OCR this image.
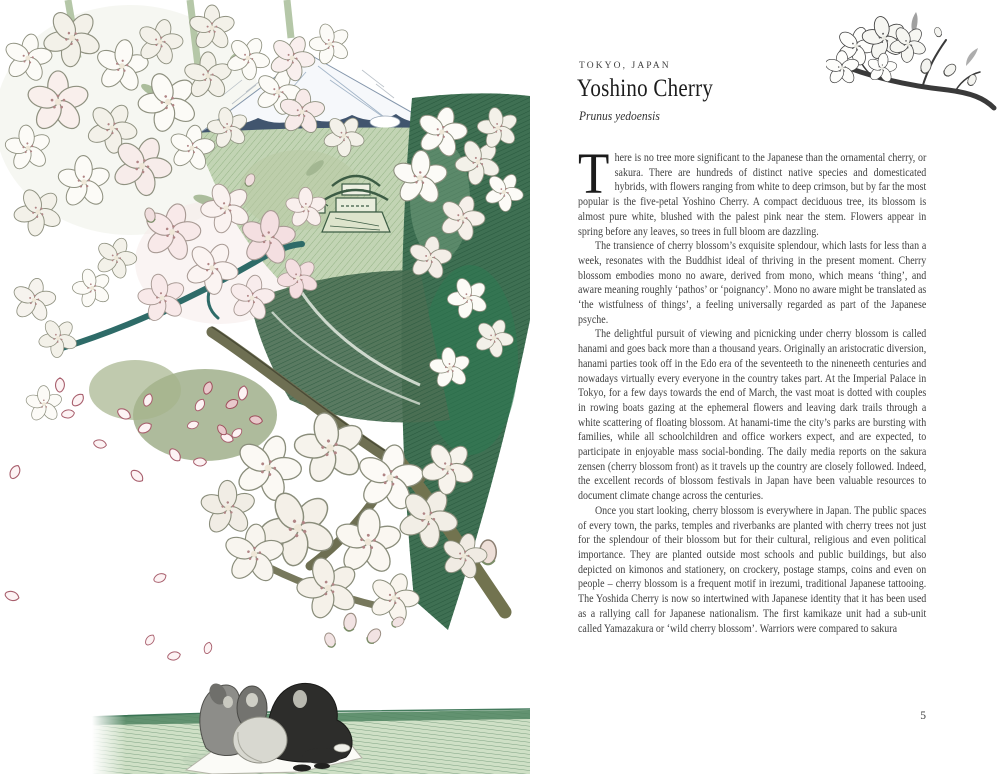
TOKYO, JAPAN
Yoshino Cherry
Prunus yedoensis

There is no tree more significant to the Japanese than the ornamental cherry, or sakura. There are hundreds of distinct native species and domesticated hybrids, with flowers ranging from white to deep crimson, but by far the most popular is the five-petal Yoshino Cherry. A compact deciduous tree, its blossom is almost pure white, blushed with the palest pink near the stem. Flowers appear in spring before any leaves, so trees in full bloom are dazzling.

The transience of cherry blossom’s exquisite splendour, which lasts for less than a week, resonates with the Buddhist ideal of thriving in the present moment. Cherry blossom embodies mono no aware, derived from mono, which means ‘thing’, and aware meaning roughly ‘pathos’ or ‘poignancy’. Mono no aware might be translated as ‘the wistfulness of things’, a feeling universally regarded as part of the Japanese psyche.

The delightful pursuit of viewing and picnicking under cherry blossom is called hanami and goes back more than a thousand years. Originally an aristocratic diversion, hanami parties took off in the Edo era of the seventeeth to the nineneeth centuries and nowadays virtually every everyone in the country takes part. At the Imperial Palace in Tokyo, for a few days towards the end of March, the vast moat is dotted with couples in rowing boats gazing at the ephemeral flowers and leaving dark trails through a white scattering of floating blossom. At hanami-time the city’s parks are bursting with families, while all schoolchildren and office workers expect, and are expected, to participate in enjoyable mass social-bonding. The daily media reports on the sakura zensen (cherry blossom front) as it travels up the country are closely followed. Indeed, the excellent records of blossom festivals in Japan have been valuable resources to document climate change across the centuries.

Once you start looking, cherry blossom is everywhere in Japan. The public spaces of every town, the parks, temples and riverbanks are planted with cherry trees not just for the splendour of their blossom but for their cultural, religious and even political importance. They are planted outside most schools and public buildings, but also depicted on kimonos and stationery, on crockery, postage stamps, coins and even on people – cherry blossom is a frequent motif in irezumi, traditional Japanese tattooing. The Yoshida Cherry is now so intertwined with Japanese identity that it has been used as a rallying call for Japanese nationalism. The first kamikaze unit had a sub-unit called Yamazakura or ‘wild cherry blossom’. Warriors were compared to sakura

5
